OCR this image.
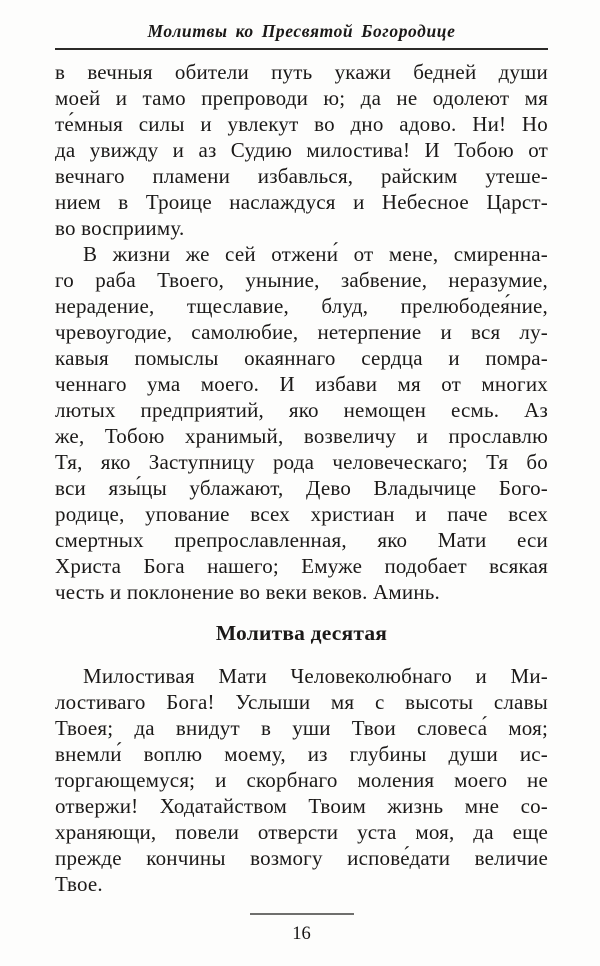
Молитвы ко Пресвятой Богородице
в вечныя обители путь укажи бедней души
моей и тамо препроводи ю; да не одолеют мя
те́мныя силы и увлекут во дно адово. Ни! Но
да увижду и аз Судию милостива! И Тобою от
вечнаго пламени избавлься, райским утеше-
нием в Троице наслаждуся и Небесное Царст-
во восприиму.
В жизни же сей отжени́ от мене, смиренна-
го раба Твоего, уныние, забвение, неразумие,
нерадение, тщеславие, блуд, прелюбодея́ние,
чревоугодие, самолюбие, нетерпение и вся лу-
кавыя помыслы окаяннаго сердца и помра-
ченнаго ума моего. И избави мя от многих
лютых предприятий, яко немощен есмь. Аз
же, Тобою хранимый, возвеличу и прославлю
Тя, яко Заступницу рода человеческаго; Тя бо
вси язы́цы ублажают, Дево Владычице Бого-
родице, упование всех христиан и паче всех
смертных препрославленная, яко Мати еси
Христа Бога нашего; Емуже подобает всякая
честь и поклонение во веки веков. Аминь.
Молитва десятая
Милостивая Мати Человеколюбнаго и Ми-
лостиваго Бога! Услыши мя с высоты славы
Твоея; да внидут в уши Твои словеса́ моя;
внемли́ воплю моему, из глубины души ис-
торгающемуся; и скорбнаго моления моего не
отвержи! Ходатайством Твоим жизнь мне со-
храняющи, повели отверсти уста моя, да еще
прежде кончины возмогу испове́дати величие
Твое.
16
